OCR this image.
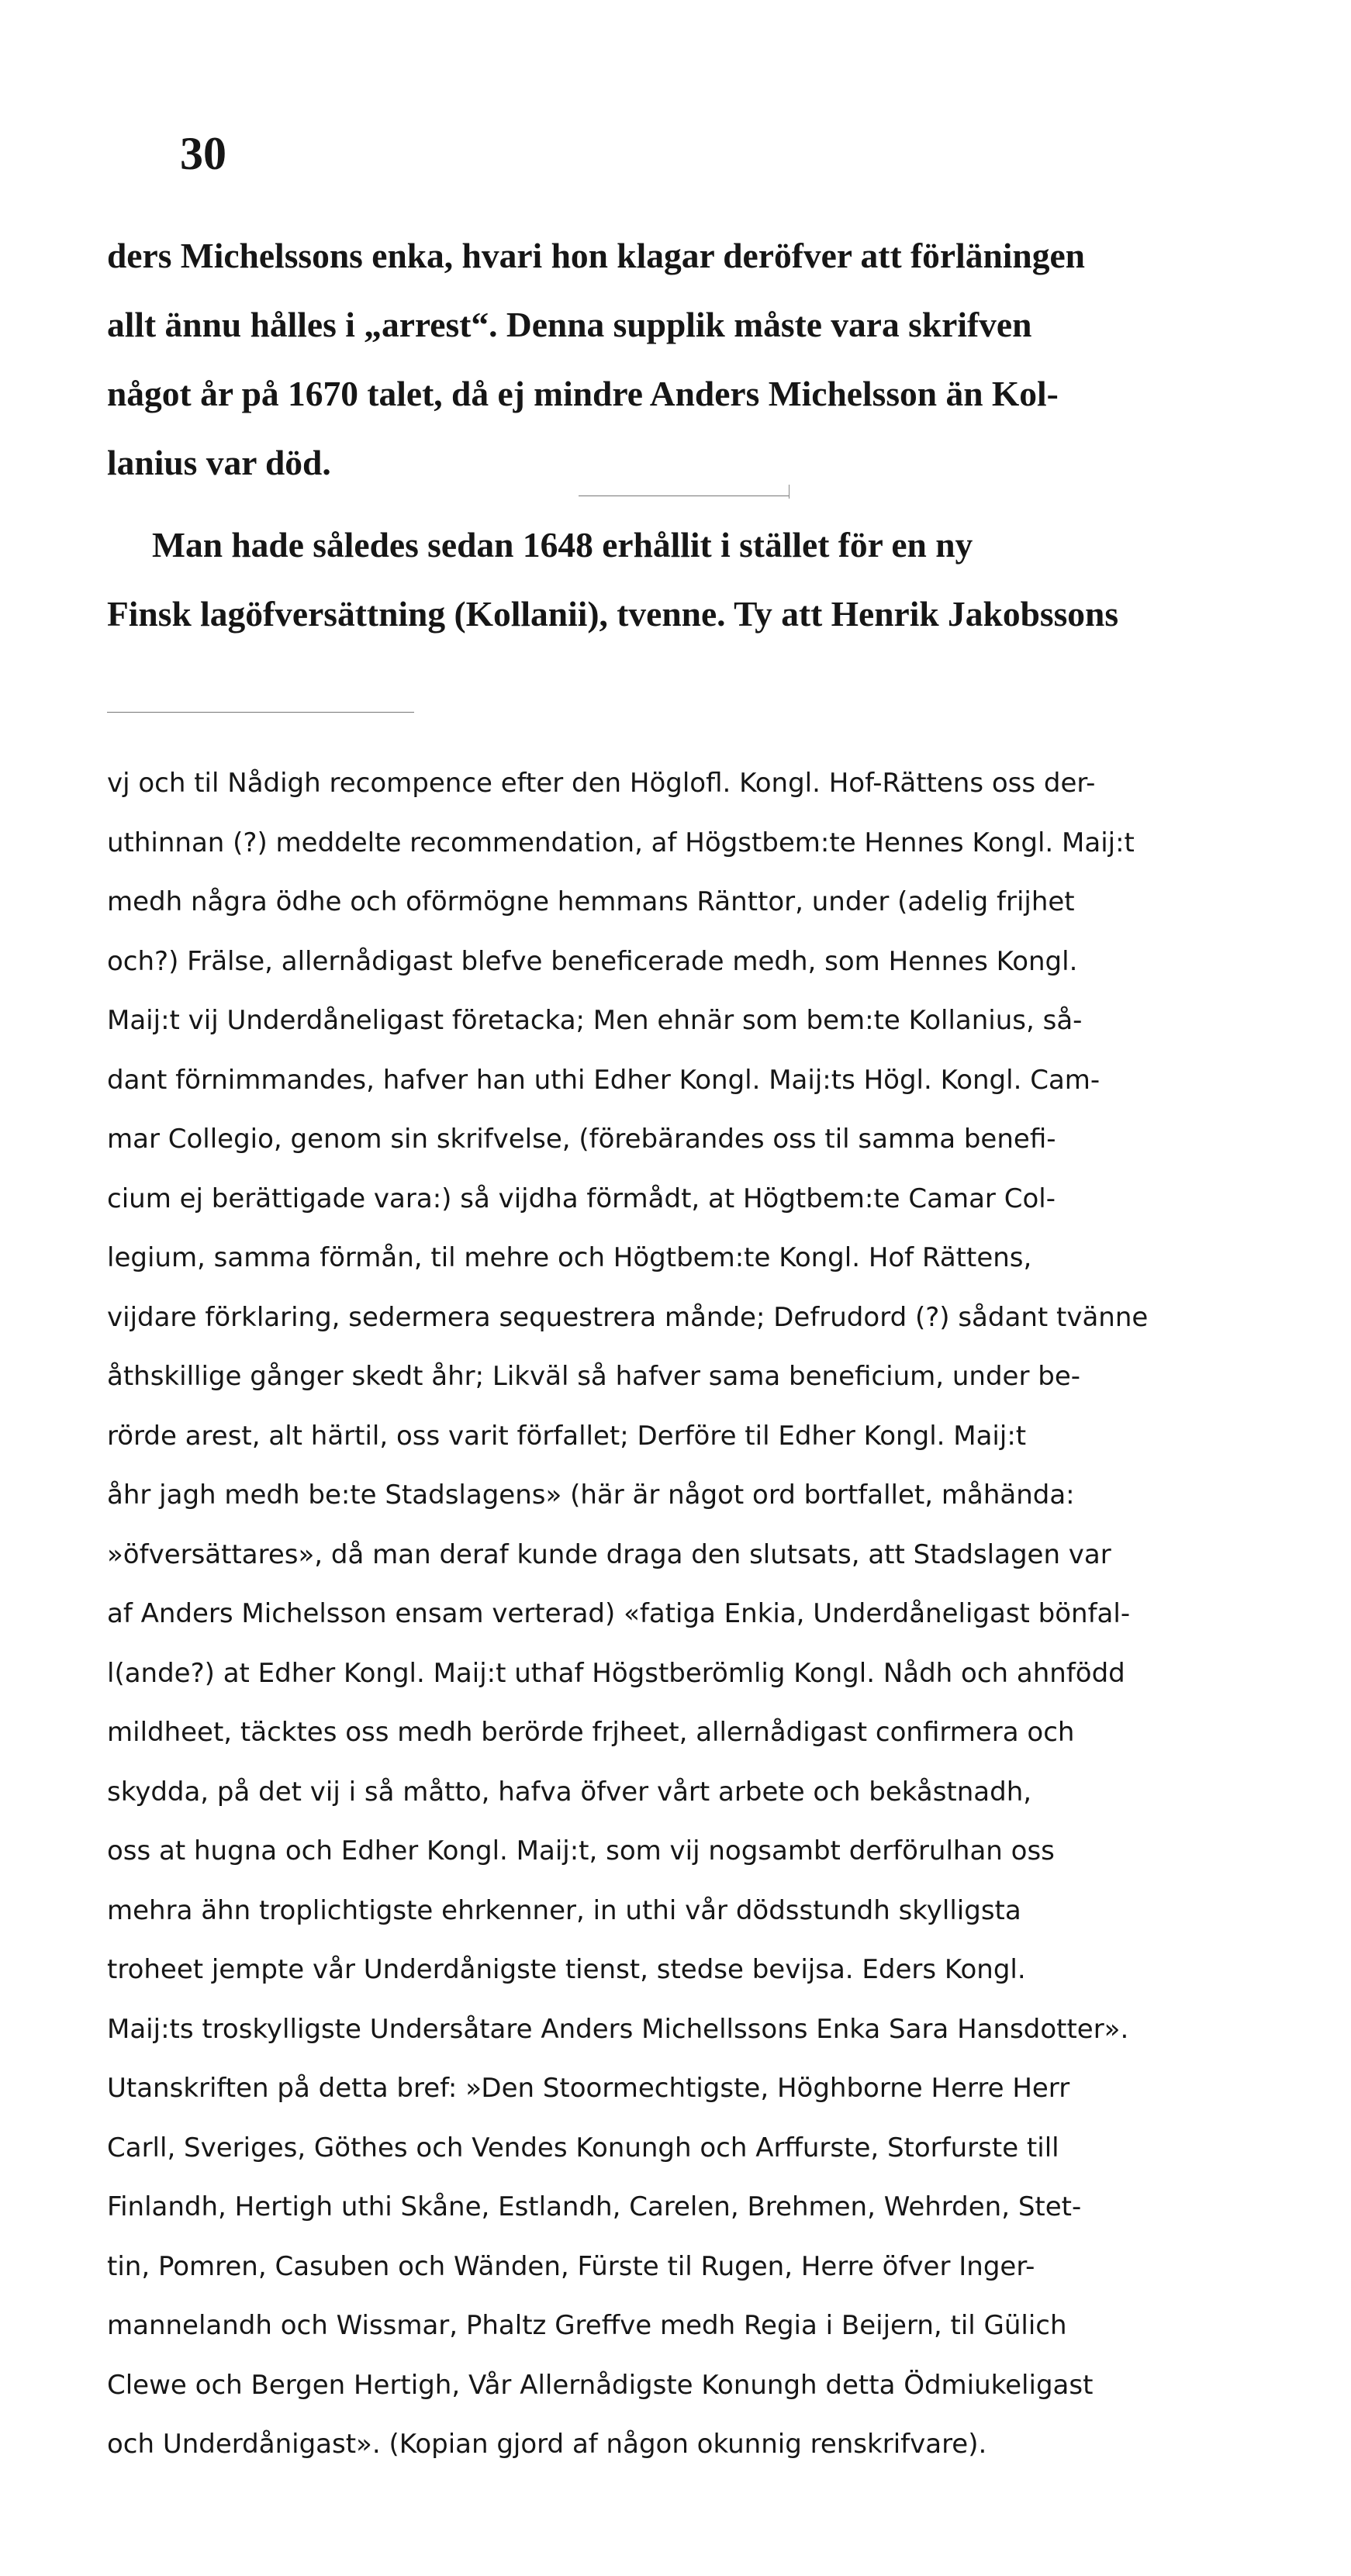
30

ders Michelssons enka, hvari hon klagar deröfver att förläningen
allt ännu hålles i „arrest“. Denna supplik måste vara skrifven
något år på 1670 talet, då ej mindre Anders Michelsson än Kol-
lanius var död.

Man hade således sedan 1648 erhållit i stället för en ny
Finsk lagöfversättning (Kollanii), tvenne. Ty att Henrik Jakobssons

vj och til Nådigh recompence efter den Höglofl. Kongl. Hof-Rättens oss der-
uthinnan (?) meddelte recommendation, af Högstbem:te Hennes Kongl. Maij:t
medh några ödhe och oförmögne hemmans Ränttor, under (adelig frijhet
och?) Frälse, allernådigast blefve beneficerade medh, som Hennes Kongl.
Maij:t vij Underdåneligast företacka; Men ehnär som bem:te Kollanius, så-
dant förnimmandes, hafver han uthi Edher Kongl. Maij:ts Högl. Kongl. Cam-
mar Collegio, genom sin skrifvelse, (förebärandes oss til samma benefi-
cium ej berättigade vara:) så vijdha förmådt, at Högtbem:te Camar Col-
legium, samma förmån, til mehre och Högtbem:te Kongl. Hof Rättens,
vijdare förklaring, sedermera sequestrera månde; Defrudord (?) sådant tvänne
åthskillige gånger skedt åhr; Likväl så hafver sama beneficium, under be-
rörde arest, alt härtil, oss varit förfallet; Derföre til Edher Kongl. Maij:t
åhr jagh medh be:te Stadslagens» (här är något ord bortfallet, måhända:
»öfversättares», då man deraf kunde draga den slutsats, att Stadslagen var
af Anders Michelsson ensam verterad) «fatiga Enkia, Underdåneligast bönfal-
l(ande?) at Edher Kongl. Maij:t uthaf Högstberömlig Kongl. Nådh och ahnfödd
mildheet, täcktes oss medh berörde frjheet, allernådigast confirmera och
skydda, på det vij i så måtto, hafva öfver vårt arbete och bekåstnadh,
oss at hugna och Edher Kongl. Maij:t, som vij nogsambt derförulhan oss
mehra ähn troplichtigste ehrkenner, in uthi vår dödsstundh skylligsta
troheet jempte vår Underdånigste tienst, stedse bevijsa. Eders Kongl.
Maij:ts troskylligste Undersåtare Anders Michellssons Enka Sara Hansdotter».
Utanskriften på detta bref: »Den Stoormechtigste, Höghborne Herre Herr
Carll, Sveriges, Göthes och Vendes Konungh och Arffurste, Storfurste till
Finlandh, Hertigh uthi Skåne, Estlandh, Carelen, Brehmen, Wehrden, Stet-
tin, Pomren, Casuben och Wänden, Fürste til Rugen, Herre öfver Inger-
mannelandh och Wissmar, Phaltz Greffve medh Regia i Beijern, til Gülich
Clewe och Bergen Hertigh, Vår Allernådigste Konungh detta Ödmiukeligast
och Underdånigast». (Kopian gjord af någon okunnig renskrifvare).
